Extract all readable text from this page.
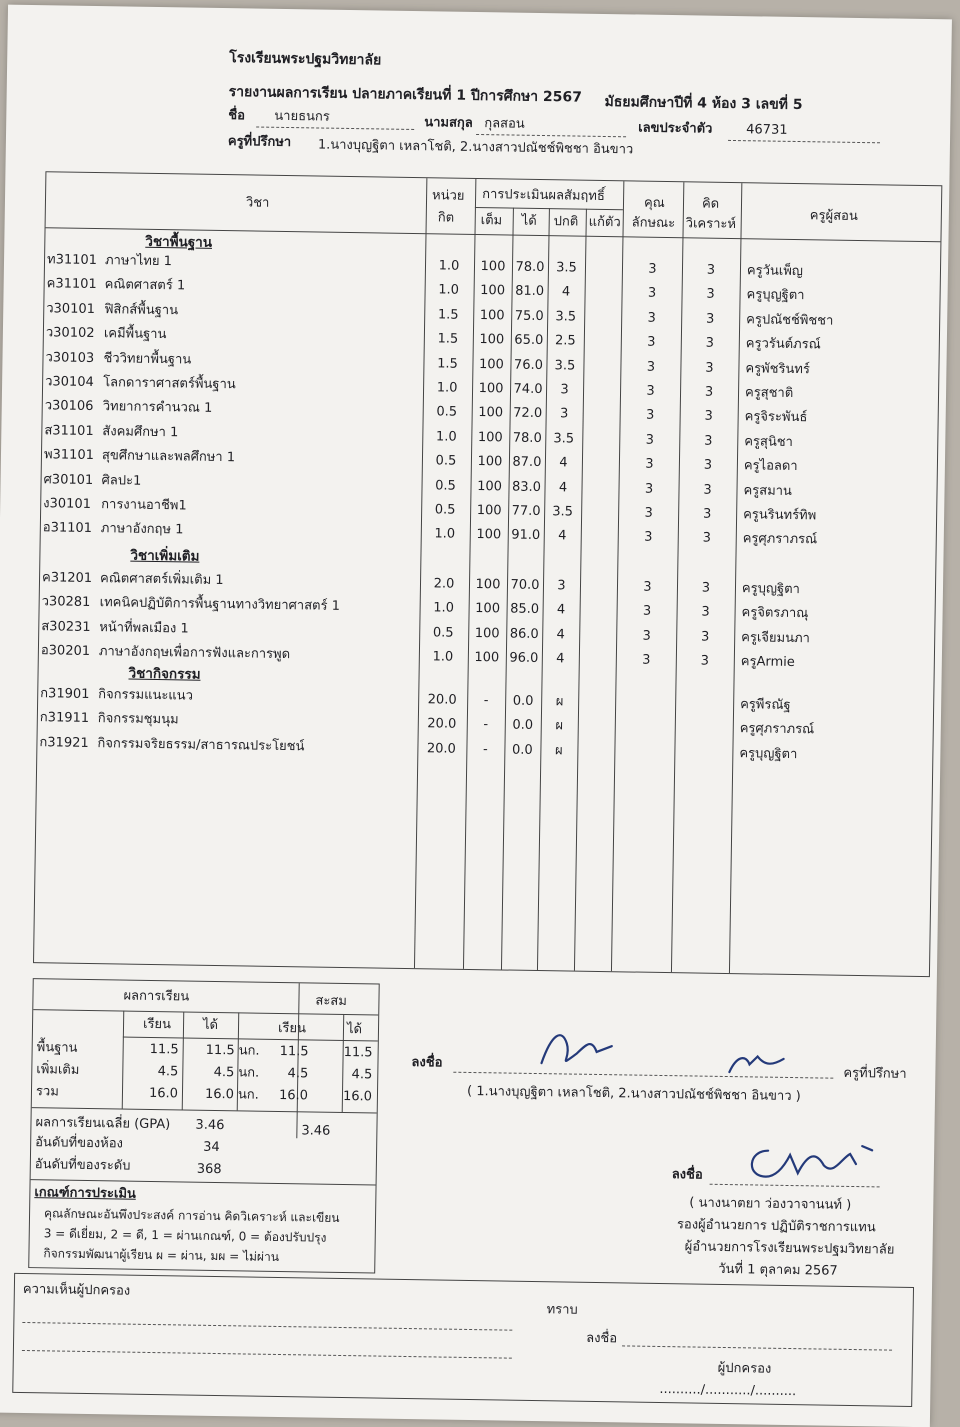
โรงเรียนพระปฐมวิทยาลัย
รายงานผลการเรียน ปลายภาคเรียนที่ 1 ปีการศึกษา 2567 มัธยมศึกษาปีที่ 4 ห้อง 3 เลขที่ 5
ชื่อ นายธนกร	นามสกุล กุลสอน	เลขประจำตัว	46731
ครูที่ปรึกษา 1.นางบุญฐิตา เหลาโชติ, 2.นางสาวปณัชช์พิชชา อินขาว
วิชา	หน่วย
กิต
การประเมินผลสัมฤทธิ์
เต็ม ได้ ปกติ แก้ตัว
คุณ
ลักษณะ
คิด
วิเคราะห์
ครูผู้สอน
วิชาพื้นฐาน
ท31101 ภาษาไทย 1	1.0	100 78.0 3.5	3	3	ครูวันเพ็ญ
ค31101 คณิตศาสตร์ 1	1.0	100 81.0	4	3	3	ครูบุญฐิตา
ว30101 ฟิสิกส์พื้นฐาน	1.5	100 75.0 3.5	3	3	ครูปณัชช์พิชชา
ว30102 เคมีพื้นฐาน	1.5	100 65.0 2.5	3	3	ครูวรันต์ภรณ์
ว30103 ชีววิทยาพื้นฐาน	1.5	100 76.0 3.5	3	3	ครูพัชรินทร์
ว30104 โลกดาราศาสตร์พื้นฐาน	1.0	100 74.0	3	3	3	ครูสุชาติ
ว30106 วิทยาการคำนวณ 1	0.5	100 72.0	3	3	3	ครูจิระพันธ์
ส31101 สังคมศึกษา 1	1.0	100 78.0 3.5	3	3	ครูสุนิชา
พ31101 สุขศึกษาและพลศึกษา 1	0.5	100 87.0	4	3	3	ครูไอลดา
ศ30101 ศิลปะ1	0.5	100 83.0	4	3	3	ครูสมาน
ง30101 การงานอาชีพ1	0.5	100 77.0 3.5	3	3	ครูนรินทร์ทิพ
อ31101 ภาษาอังกฤษ 1	1.0	100 91.0	4	3	3	ครูศุภราภรณ์
วิชาเพิ่มเติม
ค31201 คณิตศาสตร์เพิ่มเติม 1	2.0	100 70.0	3	3	3	ครูบุญฐิตา
ว30281 เทคนิคปฏิบัติการพื้นฐานทางวิทยาศาสตร์ 1	1.0	100 85.0	4	3	3	ครูจิตรภาณุ
ส30231 หน้าที่พลเมือง 1	0.5	100 86.0	4	3	3	ครูเจียมนภา
อ30201 ภาษาอังกฤษเพื่อการฟังและการพูด	1.0	100 96.0	4	3	3	ครูArmie
วิชากิจกรรม
ก31901 กิจกรรมแนะแนว	20.0	-	0.0	ผ	ครูพีรณัฐ
ก31911 กิจกรรมชุมนุม	20.0	-	0.0	ผ	ครูศุภราภรณ์
ก31921 กิจกรรมจริยธรรม/สาธารณประโยชน์	20.0	-	0.0	ผ	ครูบุญฐิตา
ผลการเรียน	สะสม
เรียน ได้	เรียน	ได้
พื้นฐาน	11.5	11.5 นก.	11.5	11.5
เพิ่มเติม	4.5	4.5 นก.	4.5	4.5
รวม	16.0	16.0 นก.	16.0	16.0
ผลการเรียนเฉลี่ย (GPA) 3.46	3.46
อันดับที่ของห้อง	34
อันดับที่ของระดับ	368
เกณฑ์การประเมิน
คุณลักษณะอันพึงประสงค์ การอ่าน คิดวิเคราะห์ และเขียน
3 = ดีเยี่ยม, 2 = ดี, 1 = ผ่านเกณฑ์, 0 = ต้องปรับปรุง
กิจกรรมพัฒนาผู้เรียน ผ = ผ่าน, มผ = ไม่ผ่าน
ลงชื่อ
ครูที่ปรึกษา
( 1.นางบุญฐิตา เหลาโชติ, 2.นางสาวปณัชช์พิชชา อินขาว )
ลงชื่อ
( นางนาตยา ว่องวาจานนท์ )
รองผู้อำนวยการ ปฏิบัติราชการแทน
ผู้อำนวยการโรงเรียนพระปฐมวิทยาลัย
วันที่ 1 ตุลาคม 2567
ความเห็นผู้ปกครอง
ทราบ
ลงชื่อ
ผู้ปกครอง
........../.........../..........
